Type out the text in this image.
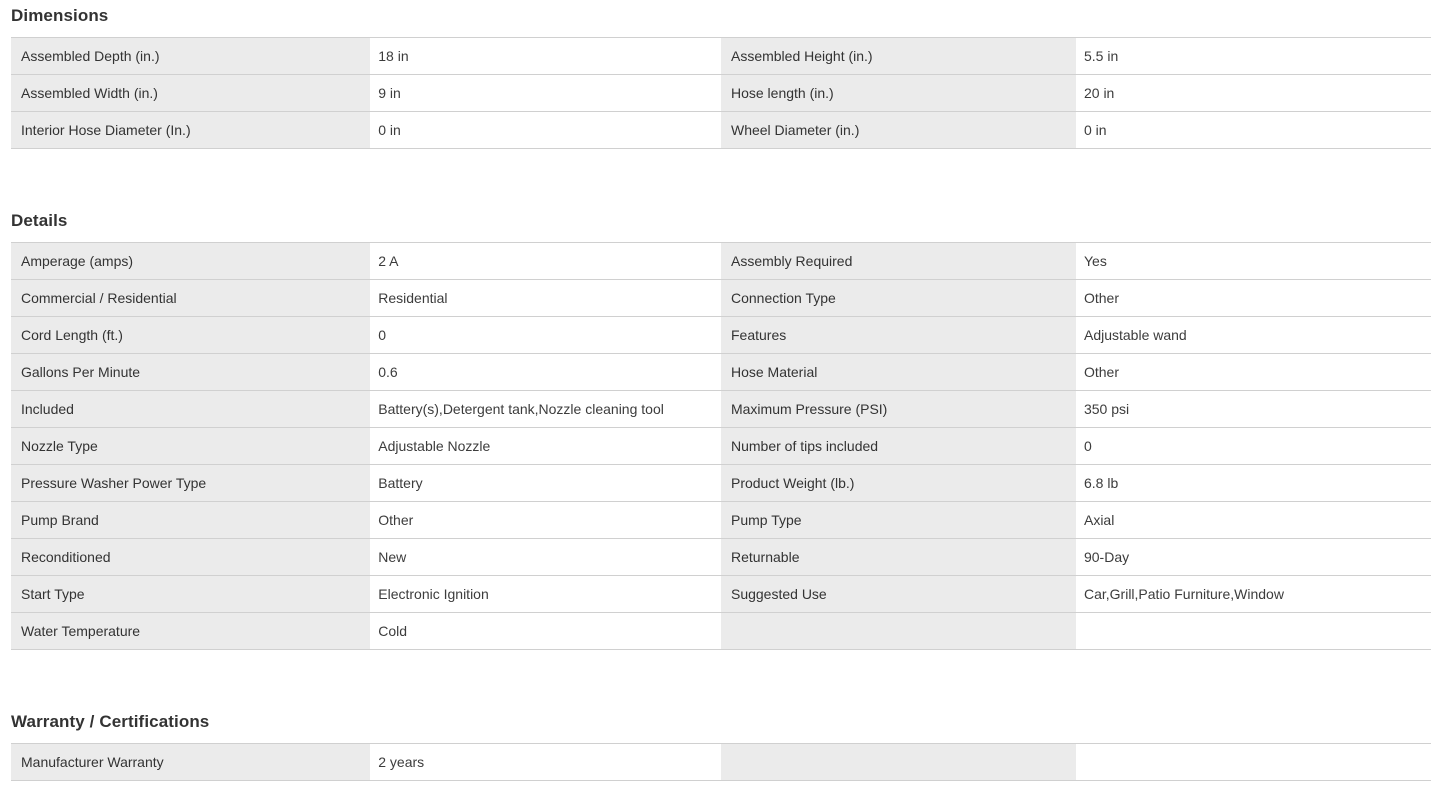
Dimensions
Assembled Depth (in.)	18 in	Assembled Height (in.)	5.5 in
Assembled Width (in.)	9 in	Hose length (in.)	20 in
Interior Hose Diameter (In.)	0 in	Wheel Diameter (in.)	0 in
Details
Amperage (amps)	2 A	Assembly Required	Yes
Commercial / Residential	Residential	Connection Type	Other
Cord Length (ft.)	0	Features	Adjustable wand
Gallons Per Minute	0.6	Hose Material	Other
Included	Battery(s),Detergent tank,Nozzle cleaning tool	Maximum Pressure (PSI)	350 psi
Nozzle Type	Adjustable Nozzle	Number of tips included	0
Pressure Washer Power Type	Battery	Product Weight (lb.)	6.8 lb
Pump Brand	Other	Pump Type	Axial
Reconditioned	New	Returnable	90-Day
Start Type	Electronic Ignition	Suggested Use	Car,Grill,Patio Furniture,Window
Water Temperature	Cold
Warranty / Certifications
Manufacturer Warranty	2 years
